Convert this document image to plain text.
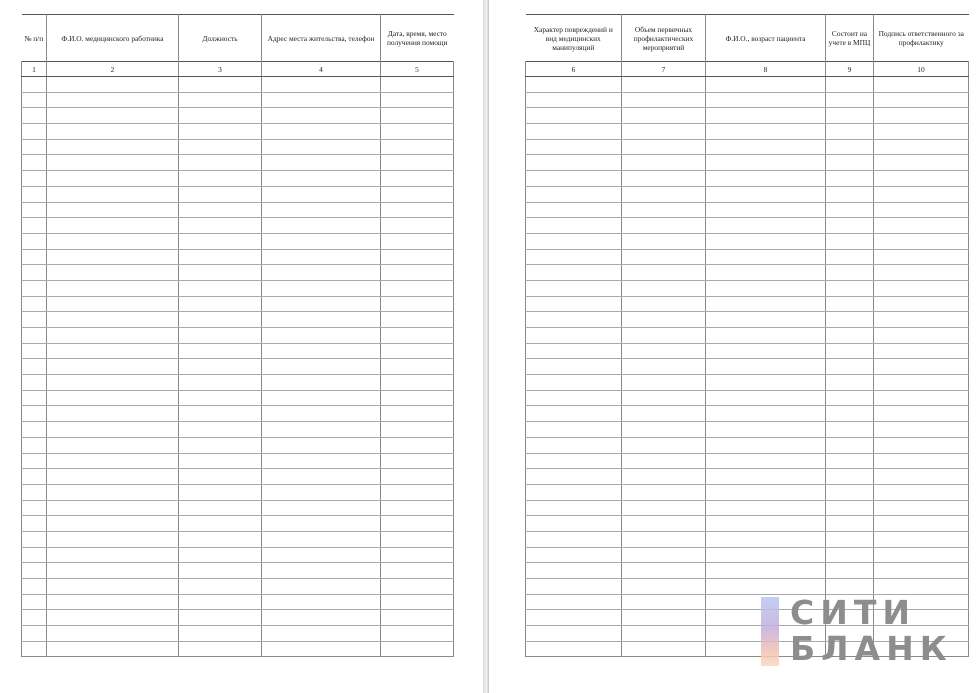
№ п/п	Ф.И.О. медицинского работника	Должность	Адрес места жительства, телефон	Дата, время, место получения помощи
1	2	3	4	5

Характер повреждений и вид медицинских манипуляций	Объем первичных профилактических мероприятий	Ф.И.О., возраст пациента	Состоит на учете в МПЦ	Подпись ответственного за профилактику
6	7	8	9	10

СИТИ
БЛАНК
